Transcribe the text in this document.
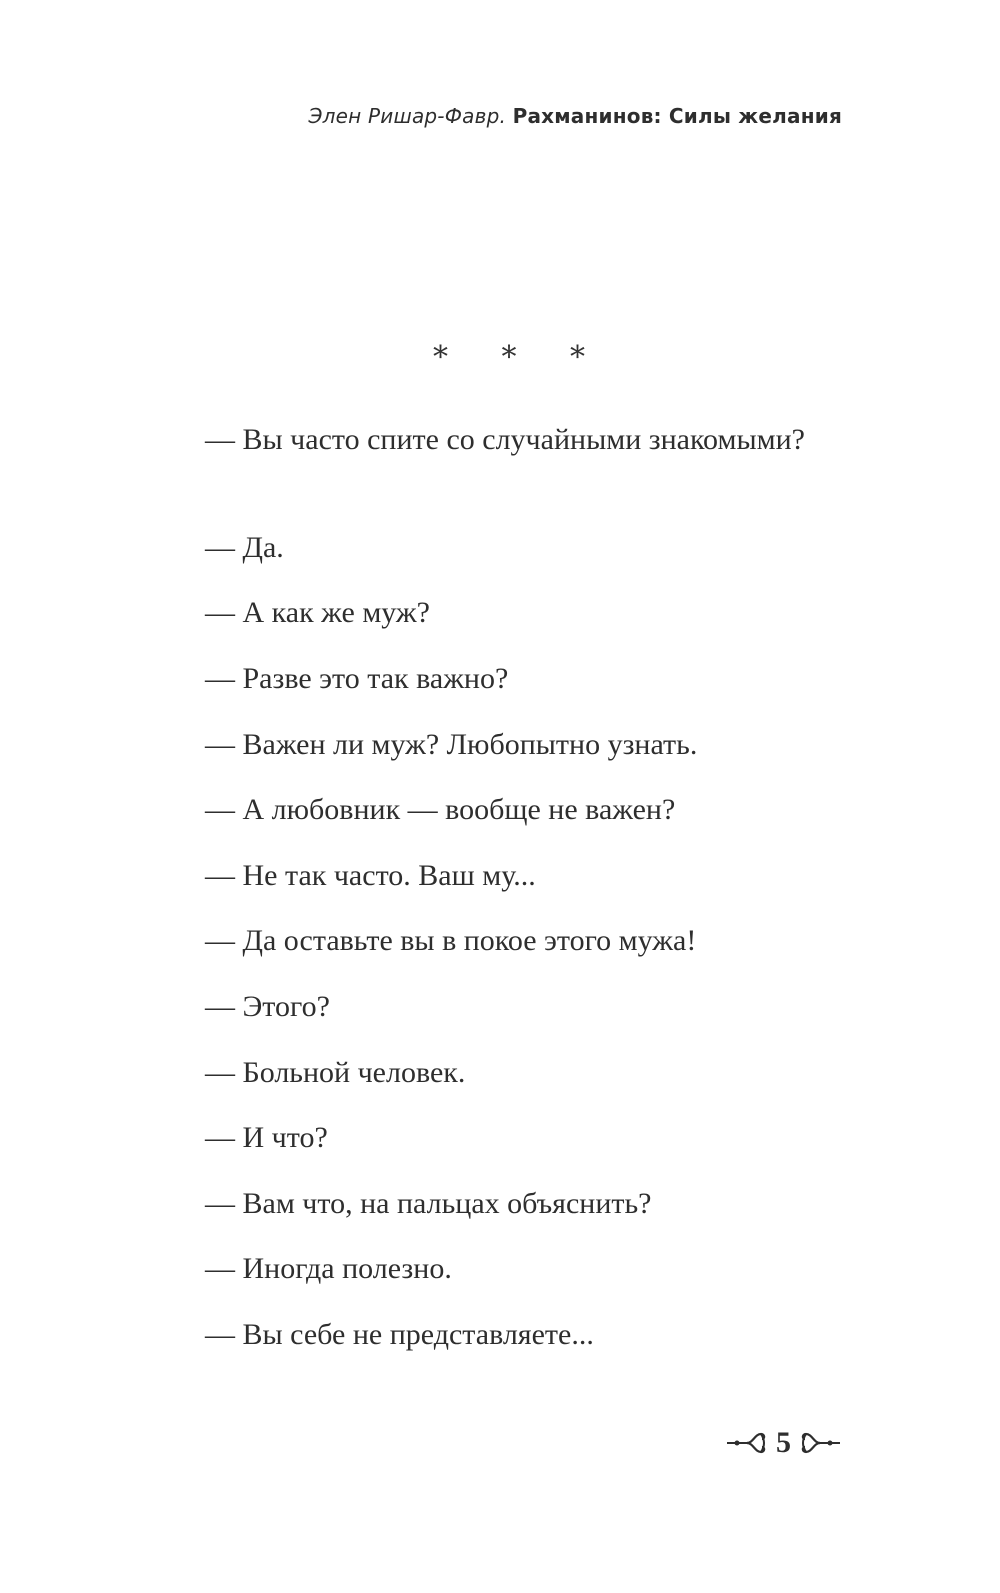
Элен Ришар-Фавр. Рахманинов: Силы желания
* * *
— Вы часто спите со случайными знакомыми?
— Да.
— А как же муж?
— Разве это так важно?
— Важен ли муж? Любопытно узнать.
— А любовник — вообще не важен?
— Не так часто. Ваш му...
— Да оставьте вы в покое этого мужа!
— Этого?
— Больной человек.
— И что?
— Вам что, на пальцах объяснить?
— Иногда полезно.
— Вы себе не представляете...
5
